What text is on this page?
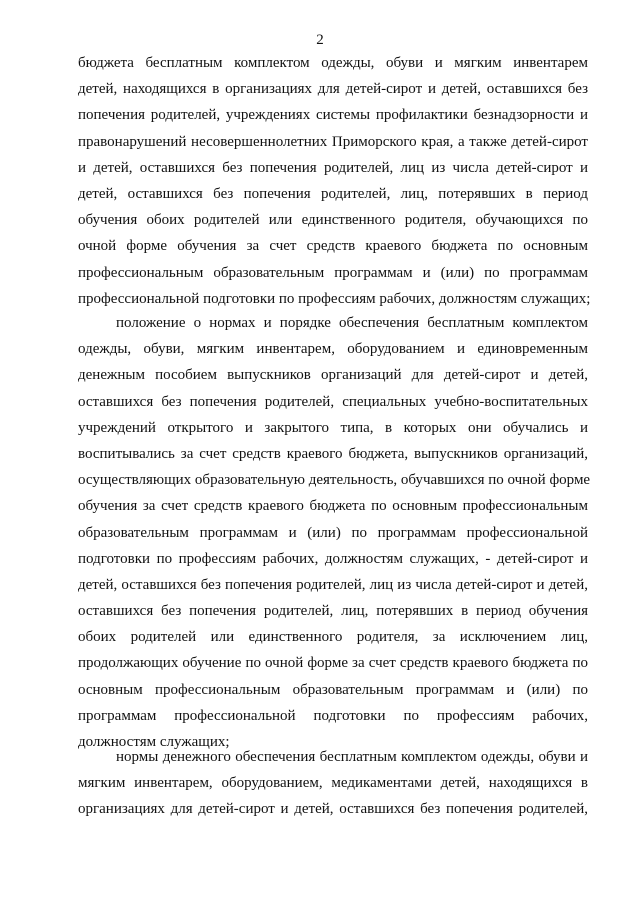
2
бюджета бесплатным комплектом одежды, обуви и мягким инвентарем
детей, находящихся в организациях для детей-сирот и детей, оставшихся без
попечения родителей, учреждениях системы профилактики безнадзорности и
правонарушений несовершеннолетних Приморского края, а также детей-сирот
и детей, оставшихся без попечения родителей, лиц из числа детей-сирот и
детей, оставшихся без попечения родителей, лиц, потерявших в период
обучения обоих родителей или единственного родителя, обучающихся по
очной форме обучения за счет средств краевого бюджета по основным
профессиональным образовательным программам и (или) по программам
профессиональной подготовки по профессиям рабочих, должностям служащих;
положение о нормах и порядке обеспечения бесплатным комплектом
одежды, обуви, мягким инвентарем, оборудованием и единовременным
денежным пособием выпускников организаций для детей-сирот и детей,
оставшихся без попечения родителей, специальных учебно-воспитательных
учреждений открытого и закрытого типа, в которых они обучались и
воспитывались за счет средств краевого бюджета, выпускников организаций,
осуществляющих образовательную деятельность, обучавшихся по очной форме
обучения за счет средств краевого бюджета по основным профессиональным
образовательным программам и (или) по программам профессиональной
подготовки по профессиям рабочих, должностям служащих, - детей-сирот и
детей, оставшихся без попечения родителей, лиц из числа детей-сирот и детей,
оставшихся без попечения родителей, лиц, потерявших в период обучения
обоих родителей или единственного родителя, за исключением лиц,
продолжающих обучение по очной форме за счет средств краевого бюджета по
основным профессиональным образовательным программам и (или) по
программам профессиональной подготовки по профессиям рабочих,
должностям служащих;
нормы денежного обеспечения бесплатным комплектом одежды, обуви и
мягким инвентарем, оборудованием, медикаментами детей, находящихся в
организациях для детей-сирот и детей, оставшихся без попечения родителей,
